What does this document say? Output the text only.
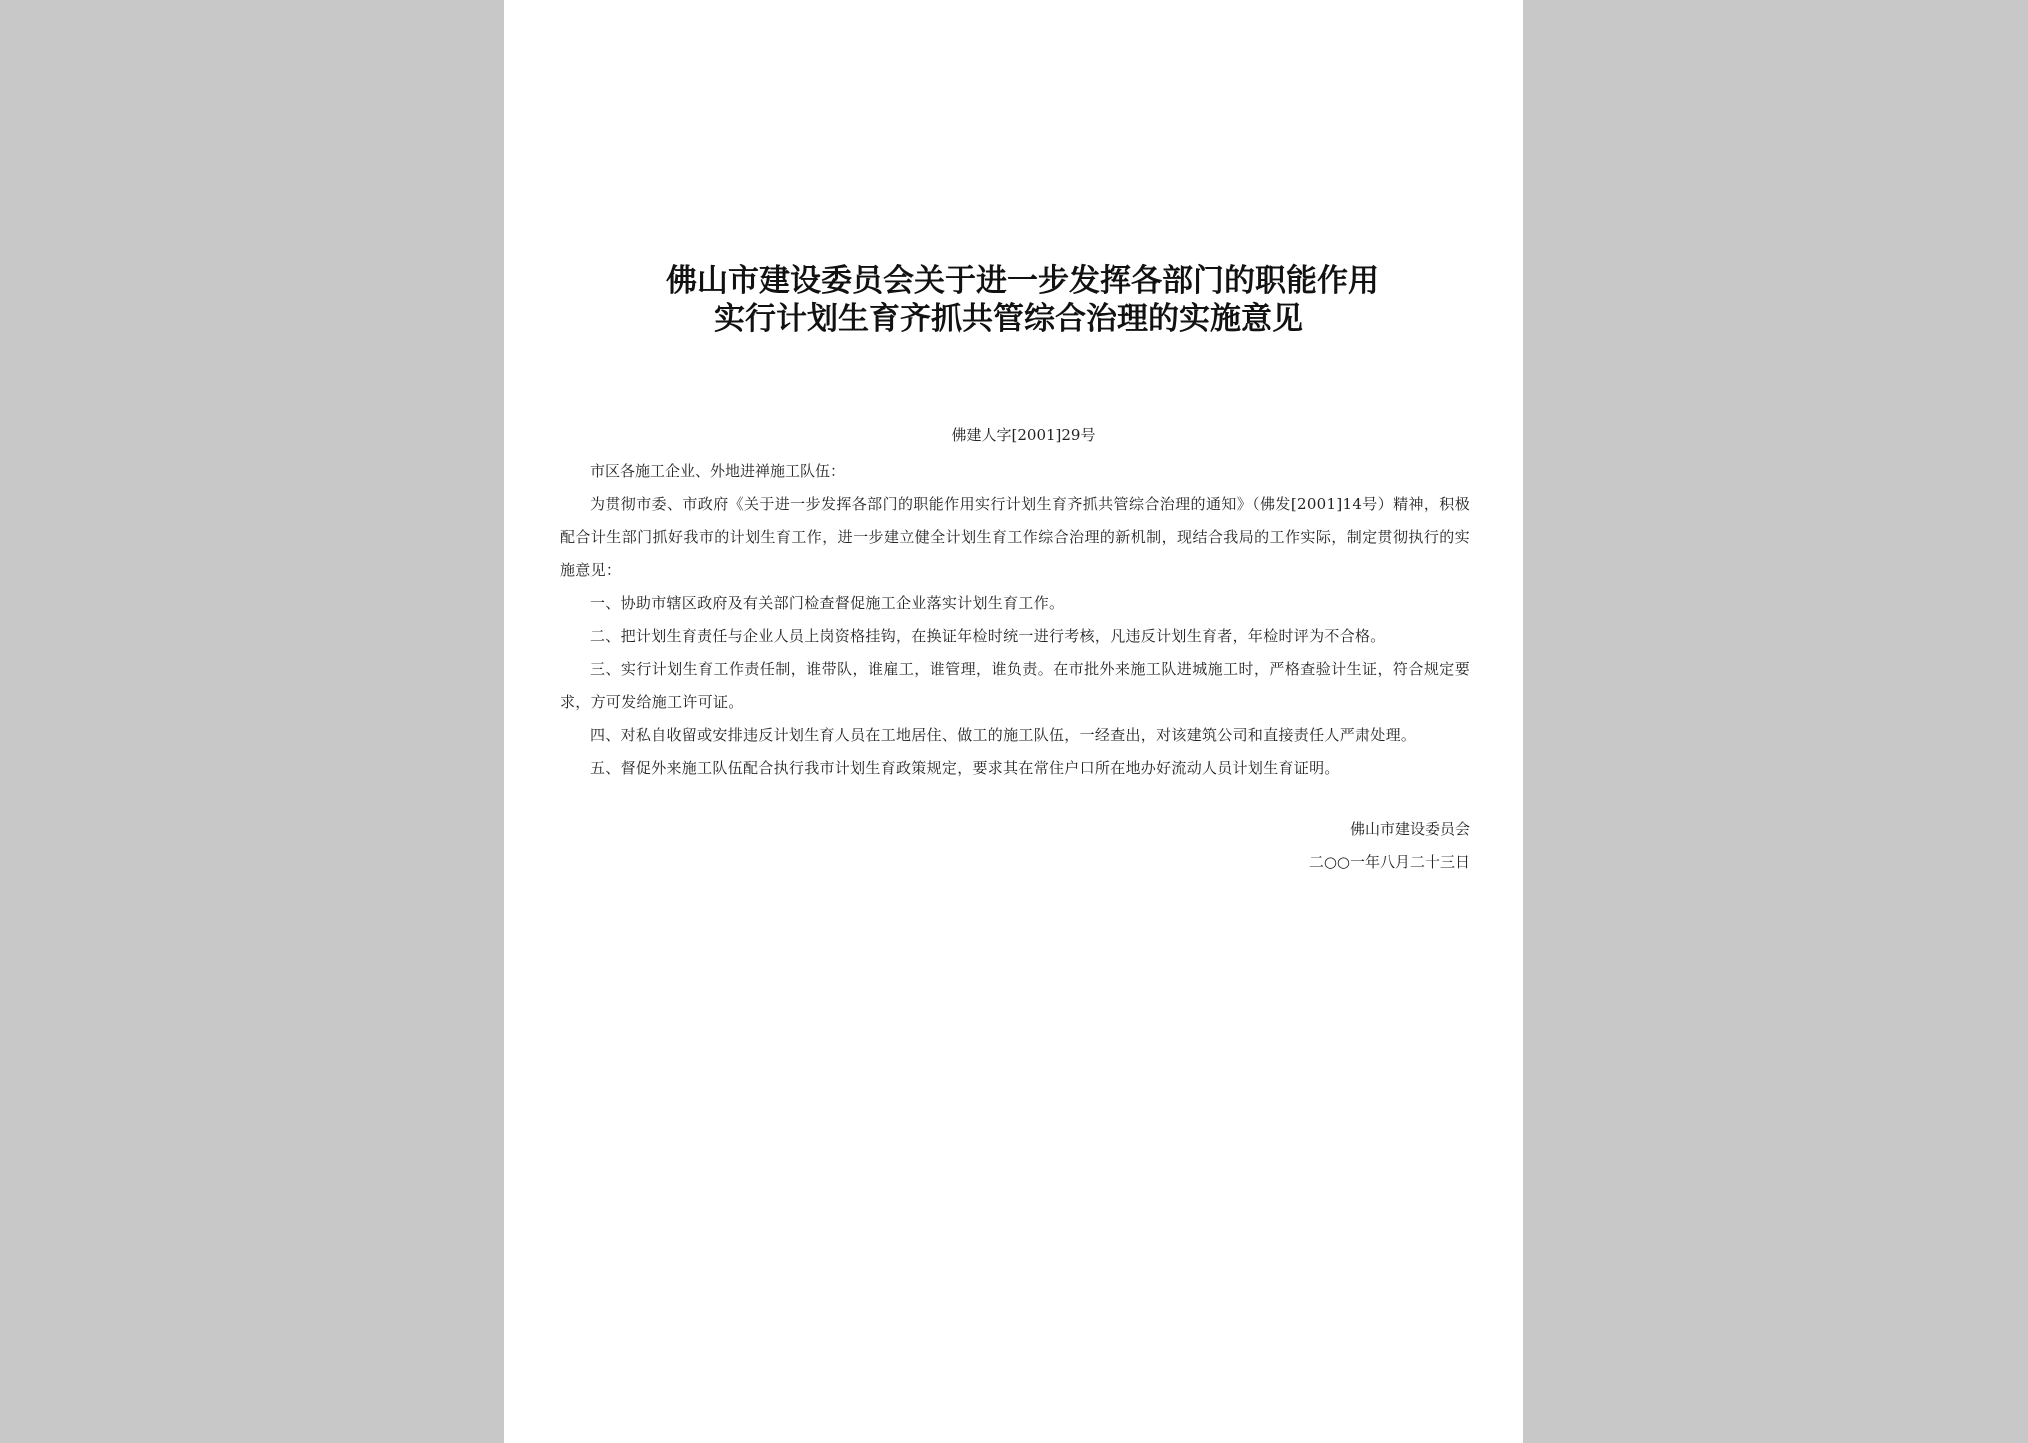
佛山市建设委员会关于进一步发挥各部门的职能作用
实行计划生育齐抓共管综合治理的实施意见
佛建人字[2001]29号

市区各施工企业、外地进禅施工队伍：

为贯彻市委、市政府《关于进一步发挥各部门的职能作用实行计划生育齐抓共管综合治理的通知》（佛发[2001]14号）精神，积极配合计生部门抓好我市的计划生育工作，进一步建立健全计划生育工作综合治理的新机制，现结合我局的工作实际，制定贯彻执行的实施意见：

一、协助市辖区政府及有关部门检查督促施工企业落实计划生育工作。

二、把计划生育责任与企业人员上岗资格挂钩，在换证年检时统一进行考核，凡违反计划生育者，年检时评为不合格。

三、实行计划生育工作责任制，谁带队，谁雇工，谁管理，谁负责。在市批外来施工队进城施工时，严格查验计生证，符合规定要求，方可发给施工许可证。

四、对私自收留或安排违反计划生育人员在工地居住、做工的施工队伍，一经查出，对该建筑公司和直接责任人严肃处理。

五、督促外来施工队伍配合执行我市计划生育政策规定，要求其在常住户口所在地办好流动人员计划生育证明。

佛山市建设委员会
二○○一年八月二十三日
